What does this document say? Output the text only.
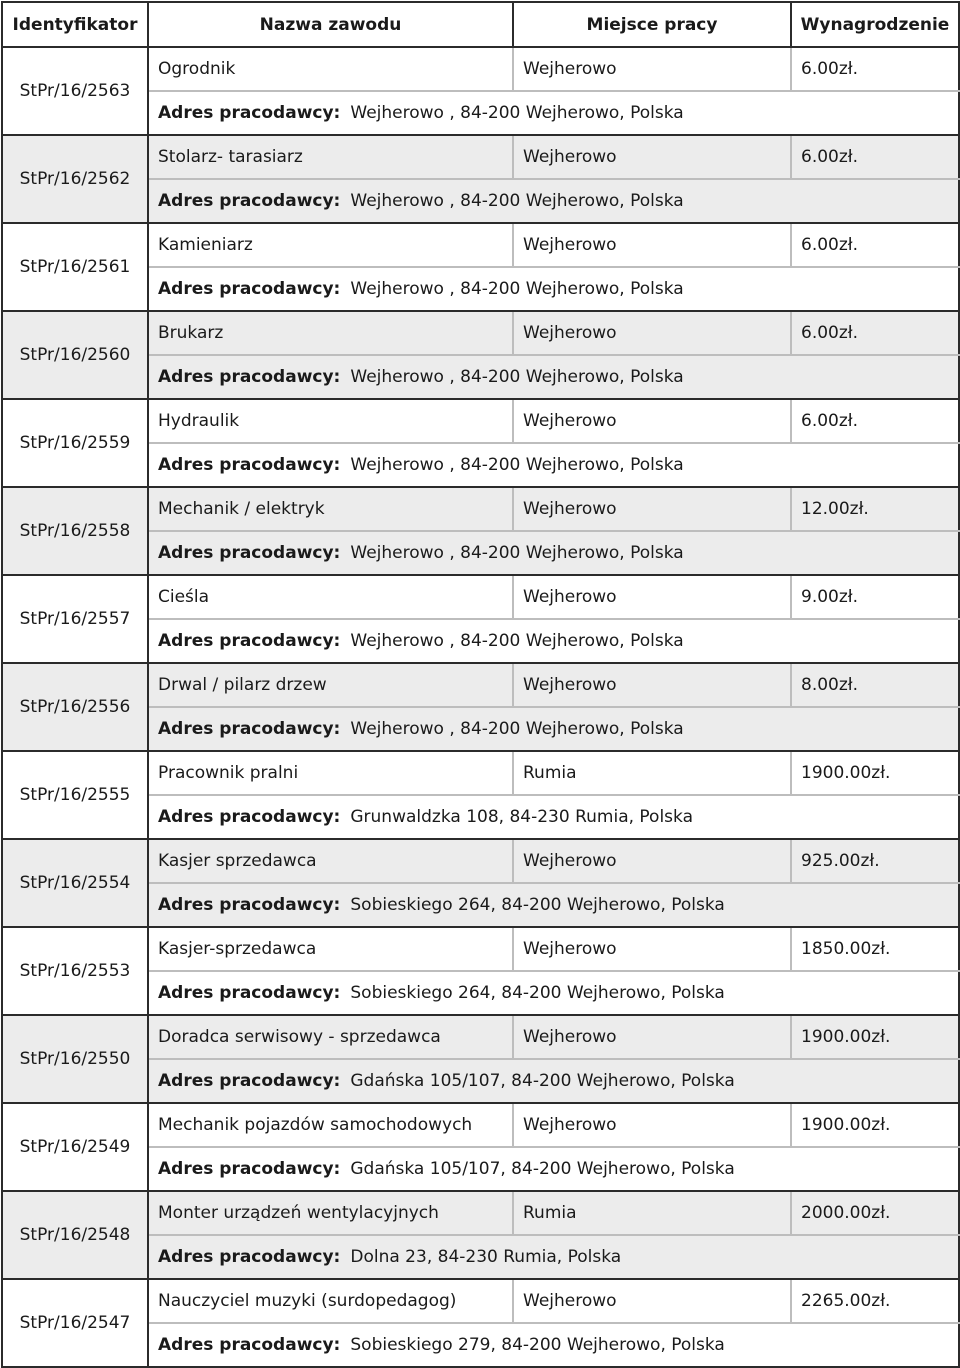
Identyfikator	Nazwa zawodu	Miejsce pracy	Wynagrodzenie
StPr/16/2563	Ogrodnik	Wejherowo	6.00zł.
	Adres pracodawcy: Wejherowo , 84-200 Wejherowo, Polska		
StPr/16/2562	Stolarz- tarasiarz	Wejherowo	6.00zł.
	Adres pracodawcy: Wejherowo , 84-200 Wejherowo, Polska		
StPr/16/2561	Kamieniarz	Wejherowo	6.00zł.
	Adres pracodawcy: Wejherowo , 84-200 Wejherowo, Polska		
StPr/16/2560	Brukarz	Wejherowo	6.00zł.
	Adres pracodawcy: Wejherowo , 84-200 Wejherowo, Polska		
StPr/16/2559	Hydraulik	Wejherowo	6.00zł.
	Adres pracodawcy: Wejherowo , 84-200 Wejherowo, Polska		
StPr/16/2558	Mechanik / elektryk	Wejherowo	12.00zł.
	Adres pracodawcy: Wejherowo , 84-200 Wejherowo, Polska		
StPr/16/2557	Cieśla	Wejherowo	9.00zł.
	Adres pracodawcy: Wejherowo , 84-200 Wejherowo, Polska		
StPr/16/2556	Drwal / pilarz drzew	Wejherowo	8.00zł.
	Adres pracodawcy: Wejherowo , 84-200 Wejherowo, Polska		
StPr/16/2555	Pracownik pralni	Rumia	1900.00zł.
	Adres pracodawcy: Grunwaldzka 108, 84-230 Rumia, Polska		
StPr/16/2554	Kasjer sprzedawca	Wejherowo	925.00zł.
	Adres pracodawcy: Sobieskiego 264, 84-200 Wejherowo, Polska		
StPr/16/2553	Kasjer-sprzedawca	Wejherowo	1850.00zł.
	Adres pracodawcy: Sobieskiego 264, 84-200 Wejherowo, Polska		
StPr/16/2550	Doradca serwisowy - sprzedawca	Wejherowo	1900.00zł.
	Adres pracodawcy: Gdańska 105/107, 84-200 Wejherowo, Polska		
StPr/16/2549	Mechanik pojazdów samochodowych	Wejherowo	1900.00zł.
	Adres pracodawcy: Gdańska 105/107, 84-200 Wejherowo, Polska		
StPr/16/2548	Monter urządzeń wentylacyjnych	Rumia	2000.00zł.
	Adres pracodawcy: Dolna 23, 84-230 Rumia, Polska		
StPr/16/2547	Nauczyciel muzyki (surdopedagog)	Wejherowo	2265.00zł.
	Adres pracodawcy: Sobieskiego 279, 84-200 Wejherowo, Polska		
